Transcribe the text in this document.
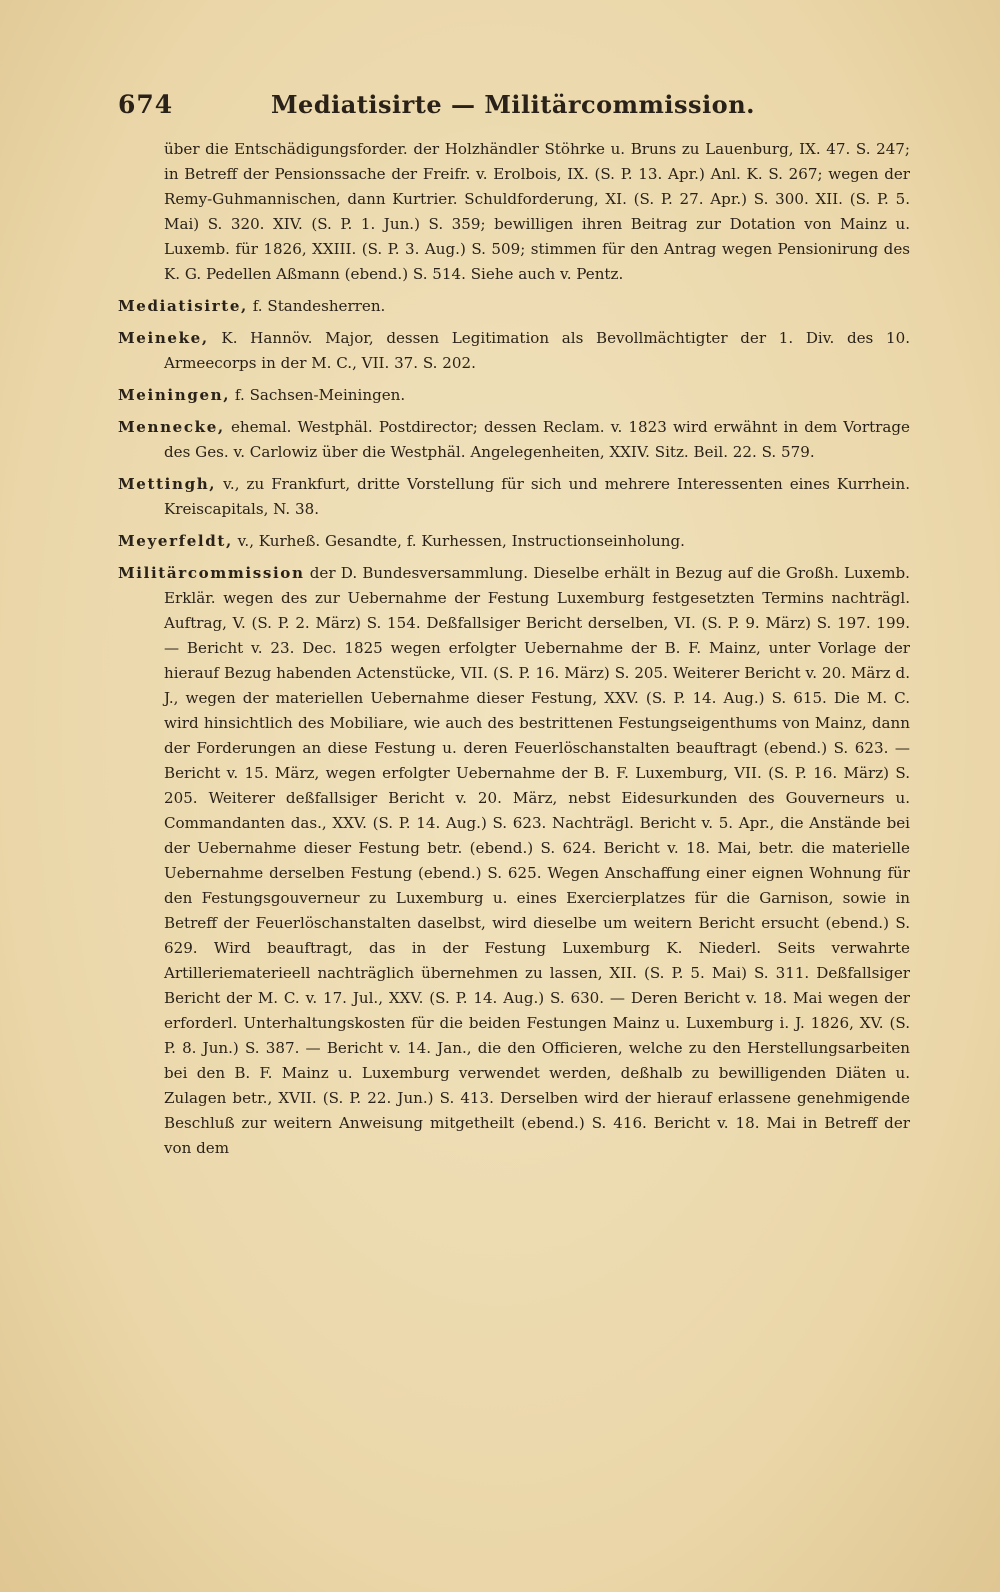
674	Mediatisirte — Militärcommission.

über die Entschädigungsforder. der Holzhändler Stöhrke u. Bruns zu Lauenburg, IX. 47. S. 247; in Betreff der Pensionssache der Freifr. v. Erolbois, IX. (S. P. 13. Apr.) Anl. K. S. 267; wegen der Remy-Guhmannischen, dann Kurtrier. Schuldforderung, XI. (S. P. 27. Apr.) S. 300. XII. (S. P. 5. Mai) S. 320. XIV. (S. P. 1. Jun.) S. 359; bewilligen ihren Beitrag zur Dotation von Mainz u. Luxemb. für 1826, XXIII. (S. P. 3. Aug.) S. 509; stimmen für den Antrag wegen Pensionirung des K. G. Pedellen Aßmann (ebend.) S. 514. Siehe auch v. Pentz.

Mediatisirte, f. Standesherren.

Meineke, K. Hannöv. Major, dessen Legitimation als Bevollmächtigter der 1. Div. des 10. Armeecorps in der M. C., VII. 37. S. 202.

Meiningen, f. Sachsen-Meiningen.

Mennecke, ehemal. Westphäl. Postdirector; dessen Reclam. v. 1823 wird erwähnt in dem Vortrage des Ges. v. Carlowiz über die Westphäl. Angelegenheiten, XXIV. Sitz. Beil. 22. S. 579.

Mettingh, v., zu Frankfurt, dritte Vorstellung für sich und mehrere Interessenten eines Kurrhein. Kreiscapitals, N. 38.

Meyerfeldt, v., Kurheß. Gesandte, f. Kurhessen, Instructionseinholung.

Militärcommission der D. Bundesversammlung. Dieselbe erhält in Bezug auf die Großh. Luxemb. Erklär. wegen des zur Uebernahme der Festung Luxemburg festgesetzten Termins nachträgl. Auftrag, V. (S. P. 2. März) S. 154. Deßfallsiger Bericht derselben, VI. (S. P. 9. März) S. 197. 199. — Bericht v. 23. Dec. 1825 wegen erfolgter Uebernahme der B. F. Mainz, unter Vorlage der hierauf Bezug habenden Actenstücke, VII. (S. P. 16. März) S. 205. Weiterer Bericht v. 20. März d. J., wegen der materiellen Uebernahme dieser Festung, XXV. (S. P. 14. Aug.) S. 615. Die M. C. wird hinsichtlich des Mobiliare, wie auch des bestrittenen Festungseigenthums von Mainz, dann der Forderungen an diese Festung u. deren Feuerlöschanstalten beauftragt (ebend.) S. 623. — Bericht v. 15. März, wegen erfolgter Uebernahme der B. F. Luxemburg, VII. (S. P. 16. März) S. 205. Weiterer deßfallsiger Bericht v. 20. März, nebst Eidesurkunden des Gouverneurs u. Commandanten das., XXV. (S. P. 14. Aug.) S. 623. Nachträgl. Bericht v. 5. Apr., die Anstände bei der Uebernahme dieser Festung betr. (ebend.) S. 624. Bericht v. 18. Mai, betr. die materielle Uebernahme derselben Festung (ebend.) S. 625. Wegen Anschaffung einer eignen Wohnung für den Festungsgouverneur zu Luxemburg u. eines Exercierplatzes für die Garnison, sowie in Betreff der Feuerlöschanstalten daselbst, wird dieselbe um weitern Bericht ersucht (ebend.) S. 629. Wird beauftragt, das in der Festung Luxemburg K. Niederl. Seits verwahrte Artilleriematerieell nachträglich übernehmen zu lassen, XII. (S. P. 5. Mai) S. 311. Deßfallsiger Bericht der M. C. v. 17. Jul., XXV. (S. P. 14. Aug.) S. 630. — Deren Bericht v. 18. Mai wegen der erforderl. Unterhaltungskosten für die beiden Festungen Mainz u. Luxemburg i. J. 1826, XV. (S. P. 8. Jun.) S. 387. — Bericht v. 14. Jan., die den Officieren, welche zu den Herstellungsarbeiten bei den B. F. Mainz u. Luxemburg verwendet werden, deßhalb zu bewilligenden Diäten u. Zulagen betr., XVII. (S. P. 22. Jun.) S. 413. Derselben wird der hierauf erlassene genehmigende Beschluß zur weitern Anweisung mitgetheilt (ebend.) S. 416. Bericht v. 18. Mai in Betreff der von dem
